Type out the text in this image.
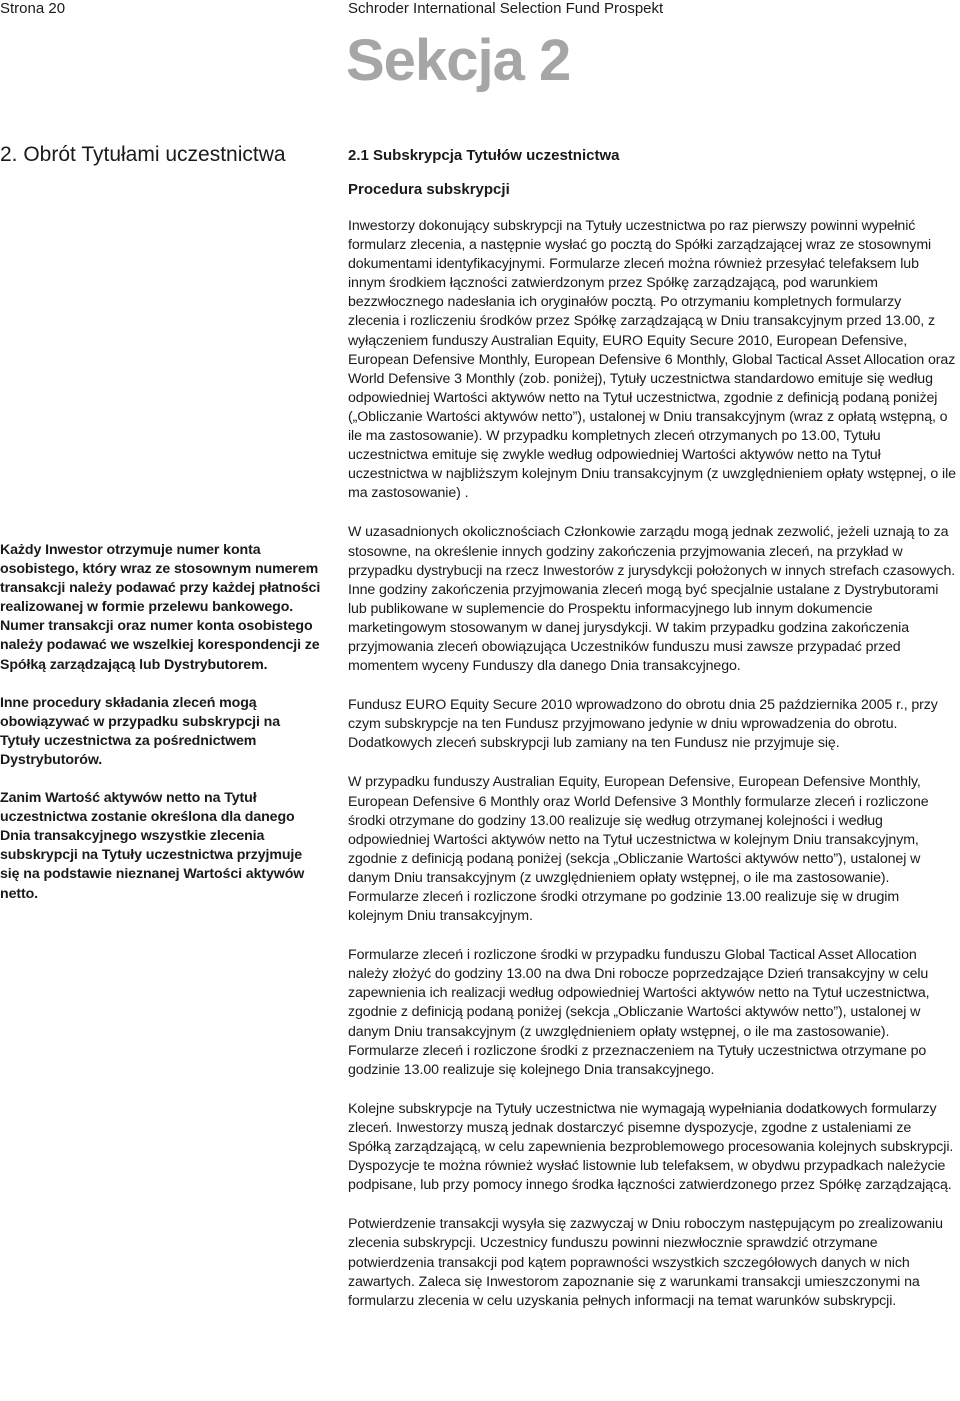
Strona 20	Schroder International Selection Fund Prospekt
Sekcja 2
2. Obrót Tytułami uczestnictwa	2.1 Subskrypcja Tytułów uczestnictwa
Procedura subskrypcji

Inwestorzy dokonujący subskrypcji na Tytuły uczestnictwa po raz pierwszy powinni wypełnić formularz zlecenia, a następnie wysłać go pocztą do Spółki zarządzającej wraz ze stosownymi dokumentami identyfikacyjnymi. Formularze zleceń można również przesyłać telefaksem lub innym środkiem łączności zatwierdzonym przez Spółkę zarządzającą, pod warunkiem bezzwłocznego nadesłania ich oryginałów pocztą. Po otrzymaniu kompletnych formularzy zlecenia i rozliczeniu środków przez Spółkę zarządzającą w Dniu transakcyjnym przed 13.00, z wyłączeniem funduszy Australian Equity, EURO Equity Secure 2010, European Defensive, European Defensive Monthly, European Defensive 6 Monthly, Global Tactical Asset Allocation oraz World Defensive 3 Monthly (zob. poniżej), Tytuły uczestnictwa standardowo emituje się według odpowiedniej Wartości aktywów netto na Tytuł uczestnictwa, zgodnie z definicją podaną poniżej („Obliczanie Wartości aktywów netto”), ustalonej w Dniu transakcyjnym (wraz z opłatą wstępną, o ile ma zastosowanie). W przypadku kompletnych zleceń otrzymanych po 13.00, Tytułu uczestnictwa emituje się zwykle według odpowiedniej Wartości aktywów netto na Tytuł uczestnictwa w najbliższym kolejnym Dniu transakcyjnym (z uwzględnieniem opłaty wstępnej, o ile ma zastosowanie) .

W uzasadnionych okolicznościach Członkowie zarządu mogą jednak zezwolić, jeżeli uznają to za stosowne, na określenie innych godziny zakończenia przyjmowania zleceń, na przykład w przypadku dystrybucji na rzecz Inwestorów z jurysdykcji położonych w innych strefach czasowych. Inne godziny zakończenia przyjmowania zleceń mogą być specjalnie ustalane z Dystrybutorami lub publikowane w suplemencie do Prospektu informacyjnego lub innym dokumencie marketingowym stosowanym w danej jurysdykcji. W takim przypadku godzina zakończenia przyjmowania zleceń obowiązująca Uczestników funduszu musi zawsze przypadać przed momentem wyceny Funduszy dla danego Dnia transakcyjnego.

Fundusz EURO Equity Secure 2010 wprowadzono do obrotu dnia 25 października 2005 r., przy czym subskrypcje na ten Fundusz przyjmowano jedynie w dniu wprowadzenia do obrotu. Dodatkowych zleceń subskrypcji lub zamiany na ten Fundusz nie przyjmuje się.

W przypadku funduszy Australian Equity, European Defensive, European Defensive Monthly, European Defensive 6 Monthly oraz World Defensive 3 Monthly formularze zleceń i rozliczone środki otrzymane do godziny 13.00 realizuje się według otrzymanej kolejności i według odpowiedniej Wartości aktywów netto na Tytuł uczestnictwa w kolejnym Dniu transakcyjnym, zgodnie z definicją podaną poniżej (sekcja „Obliczanie Wartości aktywów netto”), ustalonej w danym Dniu transakcyjnym (z uwzględnieniem opłaty wstępnej, o ile ma zastosowanie). Formularze zleceń i rozliczone środki otrzymane po godzinie 13.00 realizuje się w drugim kolejnym Dniu transakcyjnym.

Formularze zleceń i rozliczone środki w przypadku funduszu Global Tactical Asset Allocation należy złożyć do godziny 13.00 na dwa Dni robocze poprzedzające Dzień transakcyjny w celu zapewnienia ich realizacji według odpowiedniej Wartości aktywów netto na Tytuł uczestnictwa, zgodnie z definicją podaną poniżej (sekcja „Obliczanie Wartości aktywów netto”), ustalonej w danym Dniu transakcyjnym (z uwzględnieniem opłaty wstępnej, o ile ma zastosowanie). Formularze zleceń i rozliczone środki z przeznaczeniem na Tytuły uczestnictwa otrzymane po godzinie 13.00 realizuje się kolejnego Dnia transakcyjnego.

Kolejne subskrypcje na Tytuły uczestnictwa nie wymagają wypełniania dodatkowych formularzy zleceń. Inwestorzy muszą jednak dostarczyć pisemne dyspozycje, zgodne z ustaleniami ze Spółką zarządzającą, w celu zapewnienia bezproblemowego procesowania kolejnych subskrypcji. Dyspozycje te można również wysłać listownie lub telefaksem, w obydwu przypadkach należycie podpisane, lub przy pomocy innego środka łączności zatwierdzonego przez Spółkę zarządzającą.

Potwierdzenie transakcji wysyła się zazwyczaj w Dniu roboczym następującym po zrealizowaniu zlecenia subskrypcji. Uczestnicy funduszu powinni niezwłocznie sprawdzić otrzymane potwierdzenia transakcji pod kątem poprawności wszystkich szczegółowych danych w nich zawartych. Zaleca się Inwestorom zapoznanie się z warunkami transakcji umieszczonymi na formularzu zlecenia w celu uzyskania pełnych informacji na temat warunków subskrypcji.

Każdy Inwestor otrzymuje numer konta osobistego, który wraz ze stosownym numerem transakcji należy podawać przy każdej płatności realizowanej w formie przelewu bankowego. Numer transakcji oraz numer konta osobistego należy podawać we wszelkiej korespondencji ze Spółką zarządzającą lub Dystrybutorem.

Inne procedury składania zleceń mogą obowiązywać w przypadku subskrypcji na Tytuły uczestnictwa za pośrednictwem Dystrybutorów.

Zanim Wartość aktywów netto na Tytuł uczestnictwa zostanie określona dla danego Dnia transakcyjnego wszystkie zlecenia subskrypcji na Tytuły uczestnictwa przyjmuje się na podstawie nieznanej Wartości aktywów netto.
